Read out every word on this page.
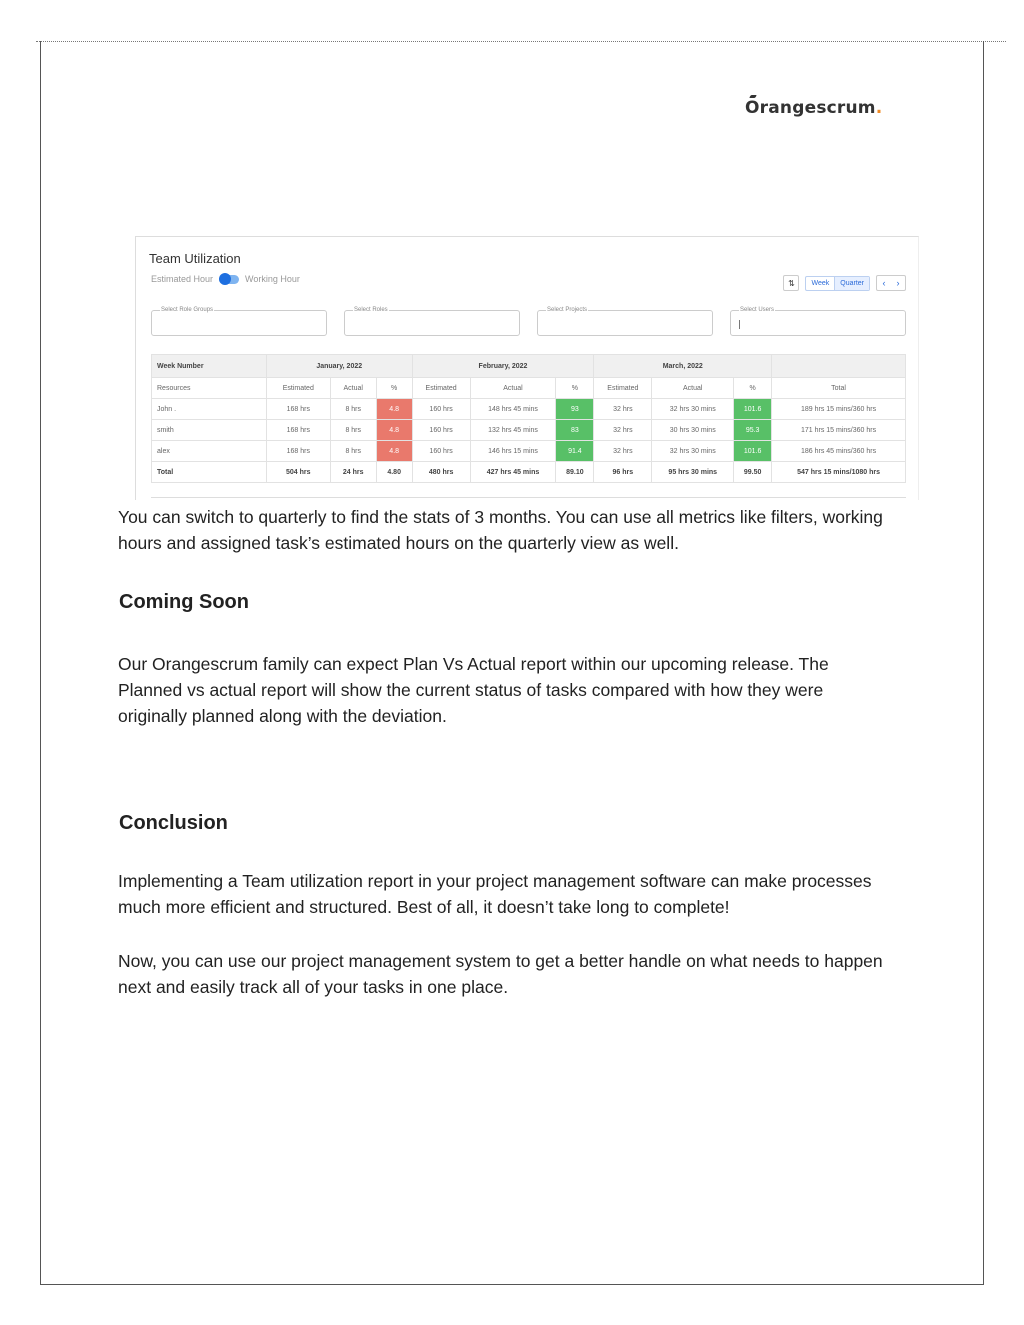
Orangescrum.
Team Utilization
Estimated Hour	Working Hour	⇅	Week	Quarter	‹	›
Select Role Groups	Select Roles	Select Projects	Select Users
Week Number	January, 2022			February, 2022			March, 2022			
Resources	Estimated	Actual	%	Estimated	Actual	%	Estimated	Actual	%	Total
John .	168 hrs	8 hrs	4.8	160 hrs	148 hrs 45 mins	93	32 hrs	32 hrs 30 mins	101.6	189 hrs 15 mins/360 hrs
smith	168 hrs	8 hrs	4.8	160 hrs	132 hrs 45 mins	83	32 hrs	30 hrs 30 mins	95.3	171 hrs 15 mins/360 hrs
alex	168 hrs	8 hrs	4.8	160 hrs	146 hrs 15 mins	91.4	32 hrs	32 hrs 30 mins	101.6	186 hrs 45 mins/360 hrs
Total	504 hrs	24 hrs	4.80	480 hrs	427 hrs 45 mins	89.10	96 hrs	95 hrs 30 mins	99.50	547 hrs 15 mins/1080 hrs

You can switch to quarterly to find the stats of 3 months. You can use all metrics like filters, working hours and assigned task’s estimated hours on the quarterly view as well.

Coming Soon

Our Orangescrum family can expect Plan Vs Actual report within our upcoming release. The Planned vs actual report will show the current status of tasks compared with how they were originally planned along with the deviation.

Conclusion

Implementing a Team utilization report in your project management software can make processes much more efficient and structured. Best of all, it doesn’t take long to complete!

Now, you can use our project management system to get a better handle on what needs to happen next and easily track all of your tasks in one place.
